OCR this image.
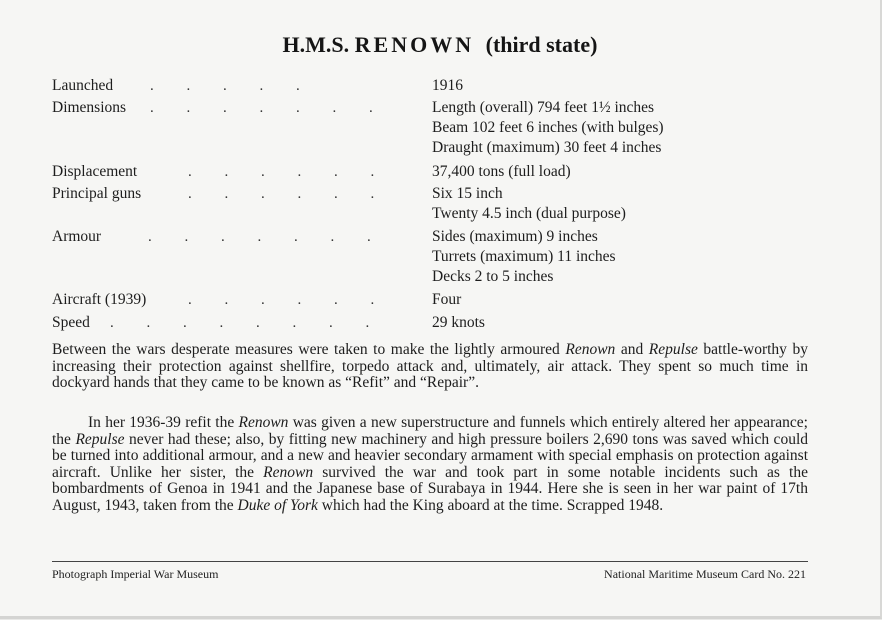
H.M.S. RENOWN (third state)
. . . . .
Launched	1916
. . . . . . .
Dimensions	Length (overall) 794 feet 1½ inches
Beam 102 feet 6 inches (with bulges)
Draught (maximum) 30 feet 4 inches
. . . . . .
Displacement	37,400 tons (full load)
. . . . . .
Principal guns	Six 15 inch
Twenty 4.5 inch (dual purpose)
. . . . . . .
Armour	Sides (maximum) 9 inches
Turrets (maximum) 11 inches
Decks 2 to 5 inches
. . . . . .
Aircraft (1939)	Four
. . . . . . . .
Speed	29 knots
Between the wars desperate measures were taken to make the lightly armoured Renown and Repulse battle-worthy by increasing their protection against shellfire, torpedo attack and, ultimately, air attack. They spent so much time in dockyard hands that they came to be known as “Refit” and “Repair”.
In her 1936-39 refit the Renown was given a new superstructure and funnels which entirely altered her appearance; the Repulse never had these; also, by fitting new machinery and high pressure boilers 2,690 tons was saved which could be turned into additional armour, and a new and heavier secondary armament with special emphasis on protection against aircraft. Unlike her sister, the Renown survived the war and took part in some notable incidents such as the bombardments of Genoa in 1941 and the Japanese base of Surabaya in 1944. Here she is seen in her war paint of 17th August, 1943, taken from the Duke of York which had the King aboard at the time. Scrapped 1948.
Photograph Imperial War Museum	National Maritime Museum Card No. 221
